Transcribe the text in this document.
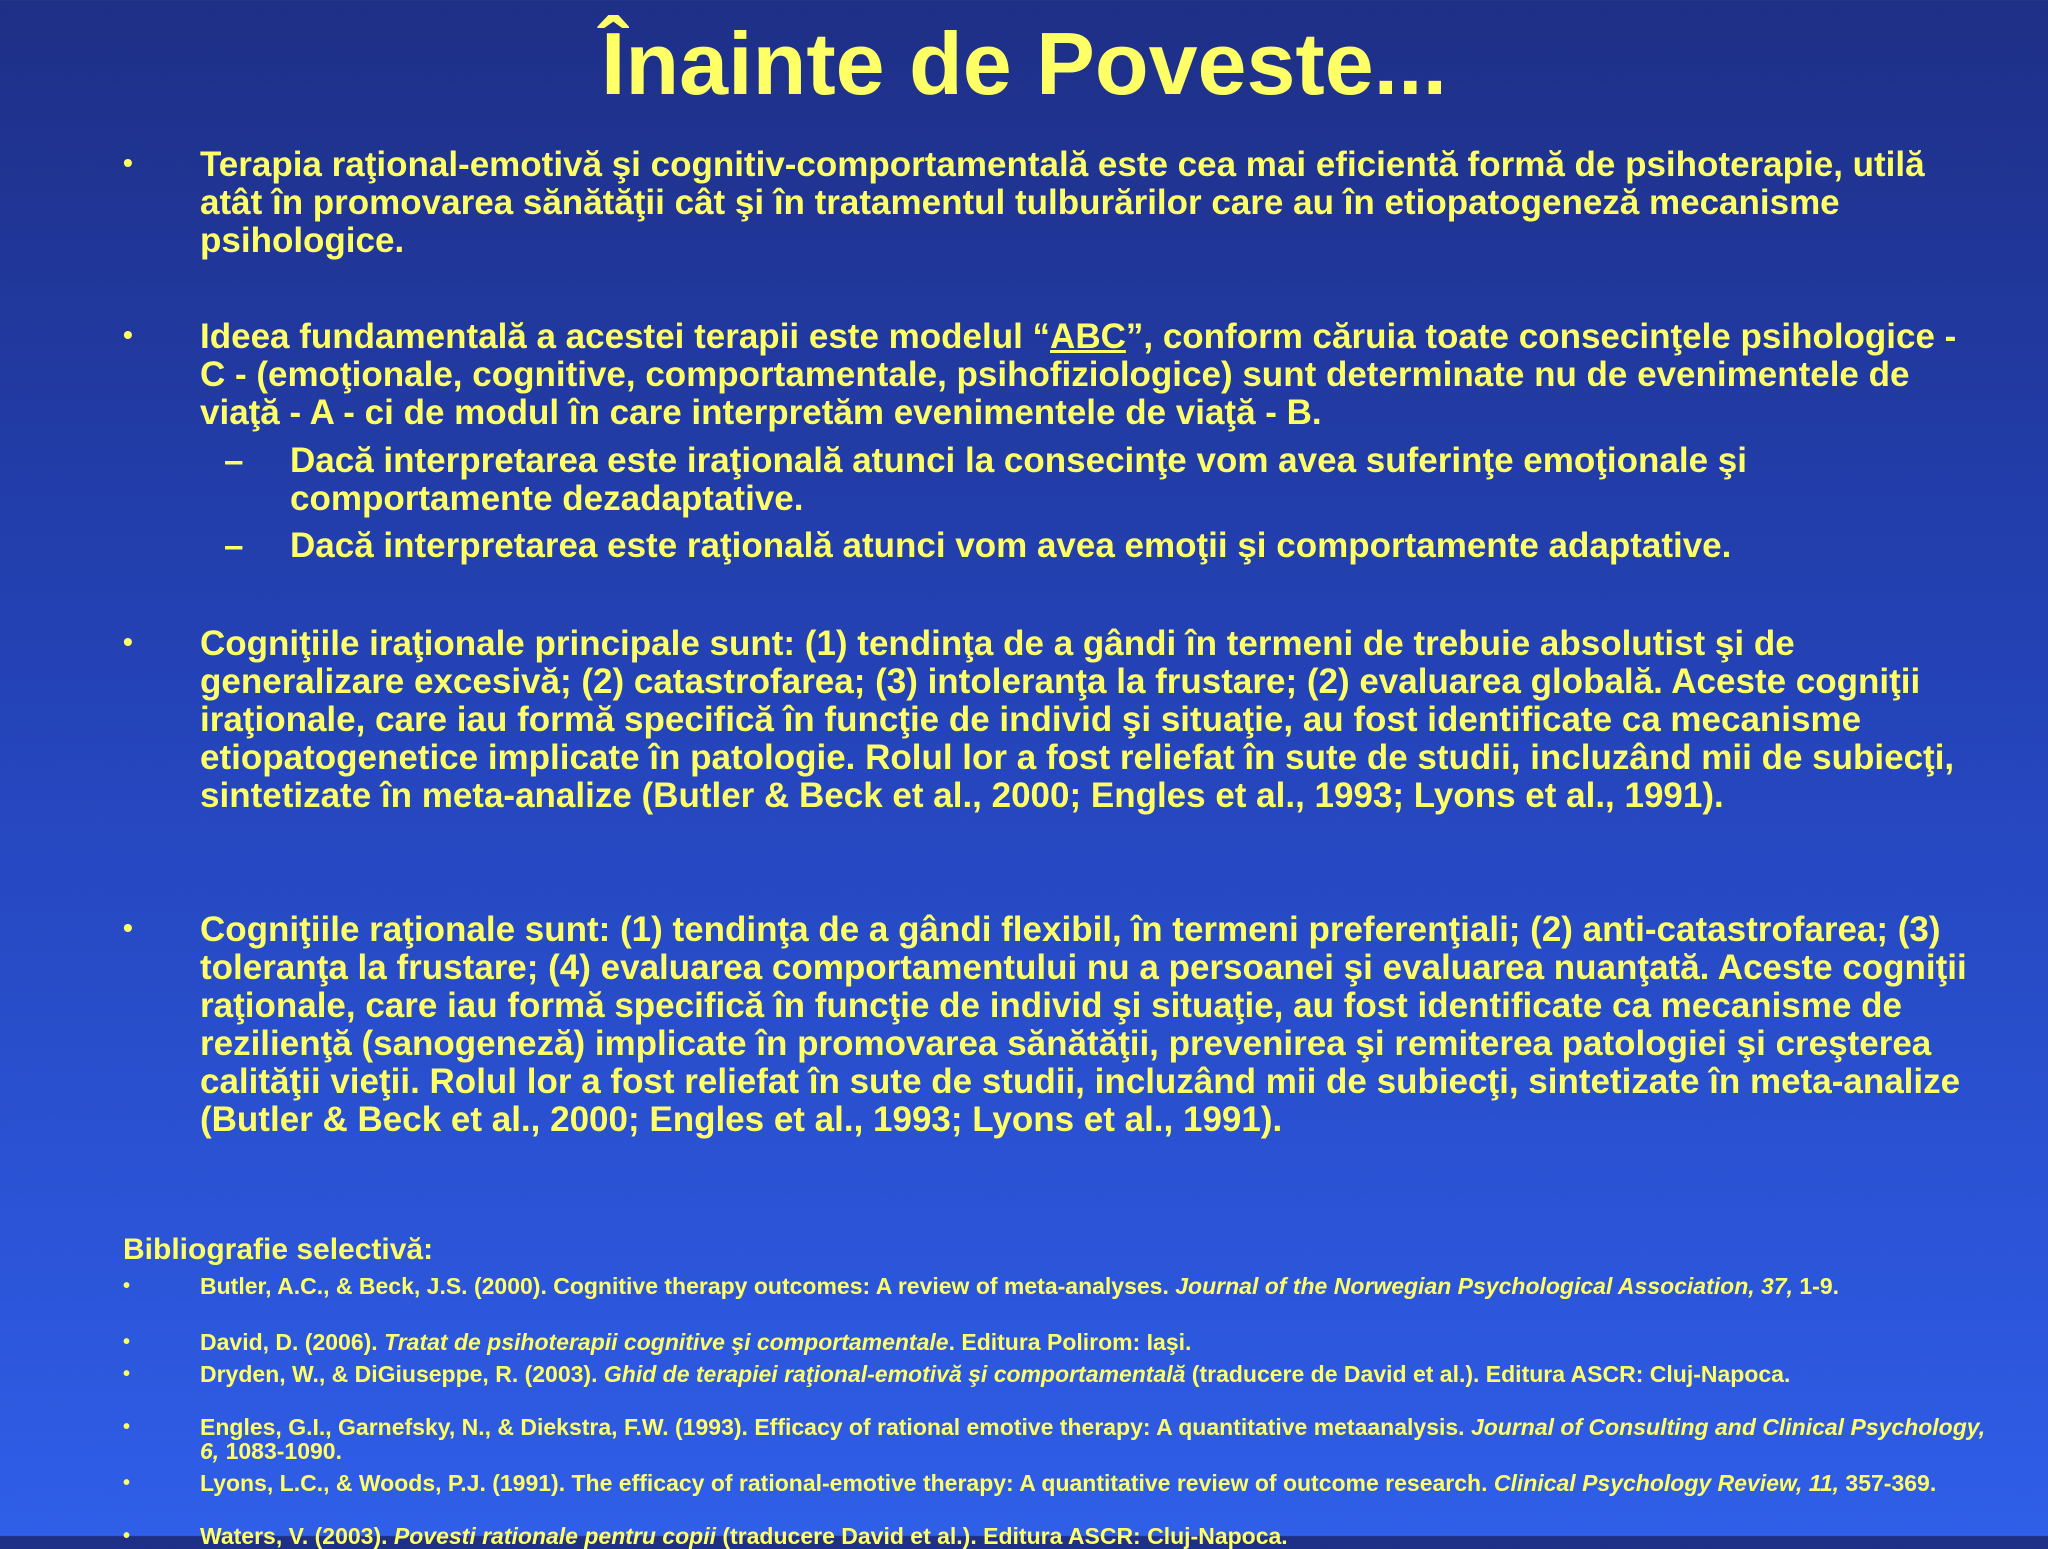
Înainte de Poveste...
• Terapia raţional-emotivă şi cognitiv-comportamentală este cea mai eficientă formă de psihoterapie, utilă atât în promovarea sănătăţii cât şi în tratamentul tulburărilor care au în etiopatogeneză mecanisme psihologice.
• Ideea fundamentală a acestei terapii este modelul “ABC”, conform căruia toate consecinţele psihologice - C - (emoţionale, cognitive, comportamentale, psihofiziologice) sunt determinate nu de evenimentele de viaţă - A - ci de modul în care interpretăm evenimentele de viaţă - B.
– Dacă interpretarea este iraţională atunci la consecinţe vom avea suferinţe emoţionale şi comportamente dezadaptative.
– Dacă interpretarea este raţională atunci vom avea emoţii şi comportamente adaptative.
• Cogniţiile iraţionale principale sunt: (1) tendinţa de a gândi în termeni de trebuie absolutist şi de generalizare excesivă; (2) catastrofarea; (3) intoleranţa la frustare; (2) evaluarea globală. Aceste cogniţii iraţionale, care iau formă specifică în funcţie de individ şi situaţie, au fost identificate ca mecanisme etiopatogenetice implicate în patologie. Rolul lor a fost reliefat în sute de studii, incluzând mii de subiecţi, sintetizate în meta-analize (Butler & Beck et al., 2000; Engles et al., 1993; Lyons et al., 1991).
• Cogniţiile raţionale sunt: (1) tendinţa de a gândi flexibil, în termeni preferenţiali; (2) anti-catastrofarea; (3) toleranţa la frustare; (4) evaluarea comportamentului nu a persoanei şi evaluarea nuanţată. Aceste cogniţii raţionale, care iau formă specifică în funcţie de individ şi situaţie, au fost identificate ca mecanisme de rezilienţă (sanogeneză) implicate în promovarea sănătăţii, prevenirea şi remiterea patologiei şi creşterea calităţii vieţii. Rolul lor a fost reliefat în sute de studii, incluzând mii de subiecţi, sintetizate în meta-analize (Butler & Beck et al., 2000; Engles et al., 1993; Lyons et al., 1991).
Bibliografie selectivă:
•	Butler, A.C., & Beck, J.S. (2000). Cognitive therapy outcomes: A review of meta-analyses. Journal of the Norwegian Psychological Association, 37, 1-9.
•	David, D. (2006). Tratat de psihoterapii cognitive şi comportamentale. Editura Polirom: Iaşi.
•	Dryden, W., & DiGiuseppe, R. (2003). Ghid de terapiei raţional-emotivă şi comportamentală (traducere de David et al.). Editura ASCR: Cluj-Napoca.
•	Engles, G.I., Garnefsky, N., & Diekstra, F.W. (1993). Efficacy of rational emotive therapy: A quantitative metaanalysis. Journal of Consulting and Clinical Psychology, 6, 1083-1090.
•	Lyons, L.C., & Woods, P.J. (1991). The efficacy of rational-emotive therapy: A quantitative review of outcome research. Clinical Psychology Review, 11, 357-369.
•	Waters, V. (2003). Povesti rationale pentru copii (traducere David et al.). Editura ASCR: Cluj-Napoca.
